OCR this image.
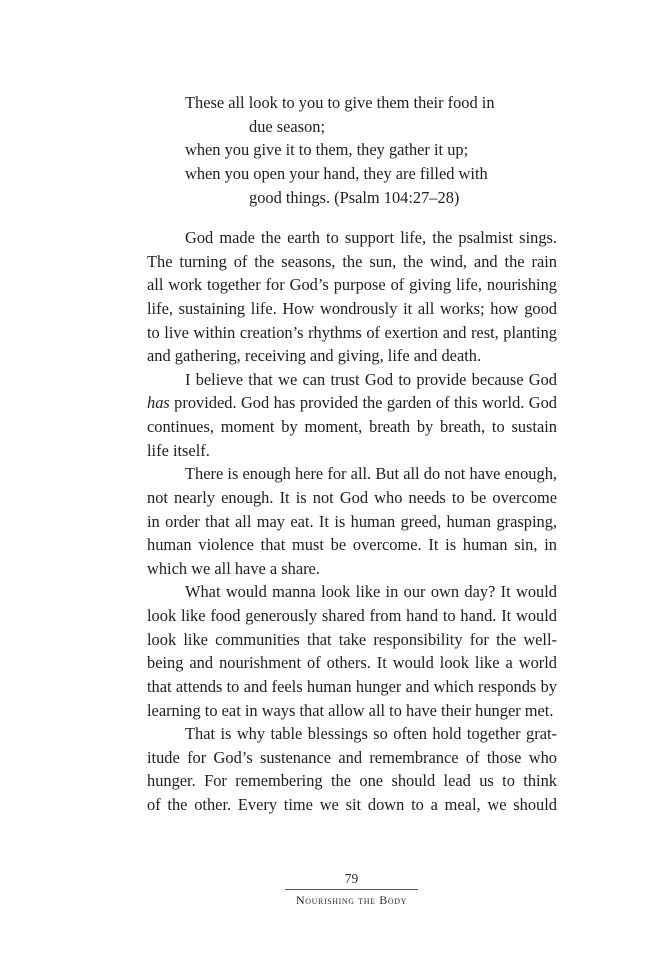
These all look to you to give them their food in
due season;
when you give it to them, they gather it up;
when you open your hand, they are filled with
good things. (Psalm 104:27–28)
God made the earth to support life, the psalmist sings.
The turning of the seasons, the sun, the wind, and the rain
all work together for God’s purpose of giving life, nourishing
life, sustaining life. How wondrously it all works; how good
to live within creation’s rhythms of exertion and rest, planting
and gathering, receiving and giving, life and death.
I believe that we can trust God to provide because God
has provided. God has provided the garden of this world. God
continues, moment by moment, breath by breath, to sustain
life itself.
There is enough here for all. But all do not have enough,
not nearly enough. It is not God who needs to be overcome
in order that all may eat. It is human greed, human grasping,
human violence that must be overcome. It is human sin, in
which we all have a share.
What would manna look like in our own day? It would
look like food generously shared from hand to hand. It would
look like communities that take responsibility for the well-
being and nourishment of others. It would look like a world
that attends to and feels human hunger and which responds by
learning to eat in ways that allow all to have their hunger met.
That is why table blessings so often hold together grat-
itude for God’s sustenance and remembrance of those who
hunger. For remembering the one should lead us to think
of the other. Every time we sit down to a meal, we should
79
Nourishing the Body
